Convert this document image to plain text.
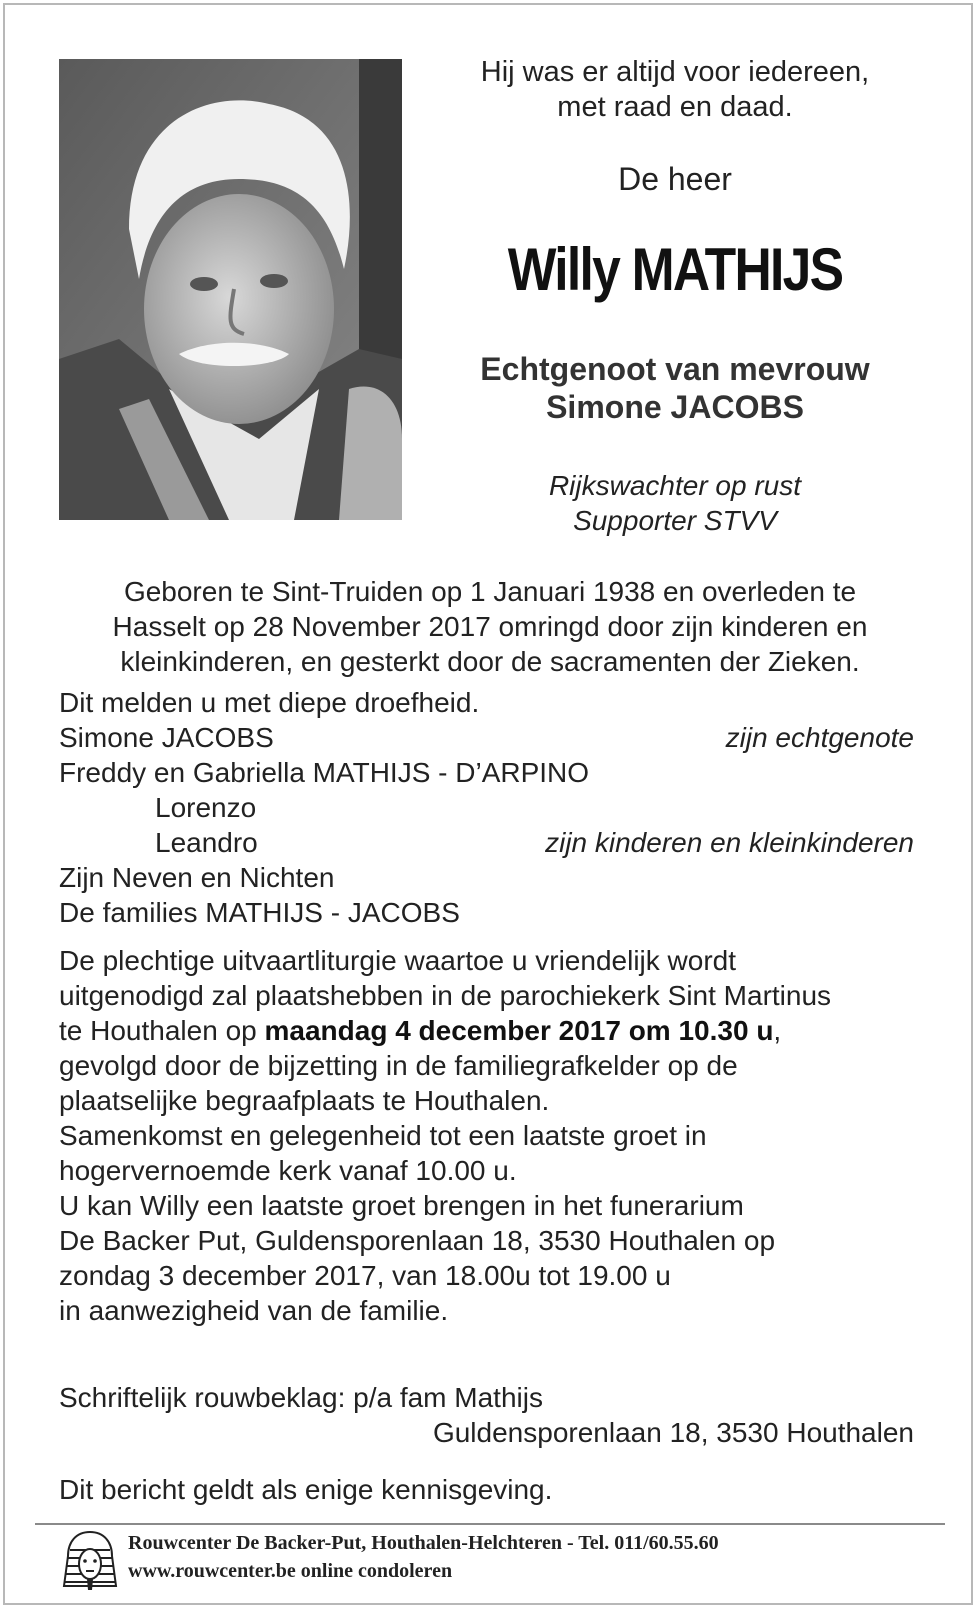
Hij was er altijd voor iedereen,
met raad en daad.
De heer
Willy MATHIJS
Echtgenoot van mevrouw
Simone JACOBS
Rijkswachter op rust
Supporter STVV
Geboren te Sint-Truiden op 1 Januari 1938 en overleden te
Hasselt op 28 November 2017 omringd door zijn kinderen en
kleinkinderen, en gesterkt door de sacramenten der Zieken.
Dit melden u met diepe droefheid.
Simone JACOBS	zijn echtgenote
Freddy en Gabriella MATHIJS - D’ARPINO
Lorenzo
Leandro	zijn kinderen en kleinkinderen
Zijn Neven en Nichten
De families MATHIJS - JACOBS
De plechtige uitvaartliturgie waartoe u vriendelijk wordt
uitgenodigd zal plaatshebben in de parochiekerk Sint Martinus
te Houthalen op maandag 4 december 2017 om 10.30 u,
gevolgd door de bijzetting in de familiegrafkelder op de
plaatselijke begraafplaats te Houthalen.
Samenkomst en gelegenheid tot een laatste groet in
hogervernoemde kerk vanaf 10.00 u.
U kan Willy een laatste groet brengen in het funerarium
De Backer Put, Guldensporenlaan 18, 3530 Houthalen op
zondag 3 december 2017, van 18.00u tot 19.00 u
in aanwezigheid van de familie.
Schriftelijk rouwbeklag: p/a fam Mathijs
Guldensporenlaan 18, 3530 Houthalen
Dit bericht geldt als enige kennisgeving.
Rouwcenter De Backer-Put, Houthalen-Helchteren - Tel. 011/60.55.60
www.rouwcenter.be online condoleren
